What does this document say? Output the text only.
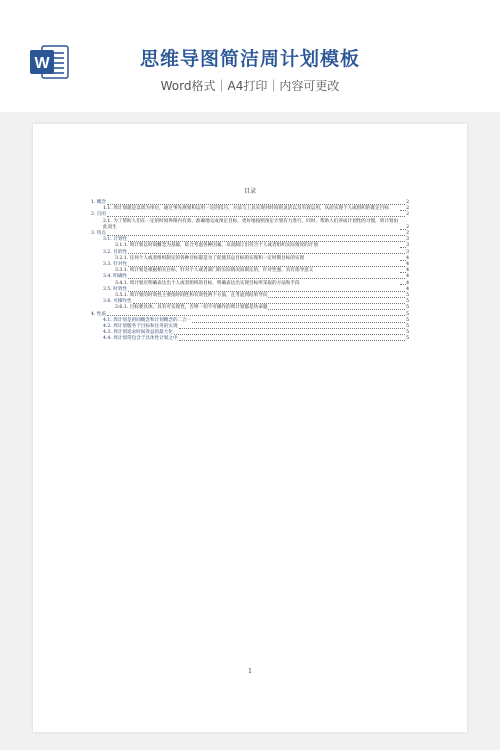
W	思维导图简洁周计划模板
Word格式｜A4打印｜内容可更改
目录
1. 概念	2
1.1. 周计划就是以周为单位，通过事先规划和运用一定的技巧、方法与工具实现对时间的灵活以及有效运用，从而实现个人或组织的既定目标	2
2. 目的	2
2.1. 为了帮助人们在一定的时间界限内有效、准确地完成预定目标，更好地按照预定计划有力进行，同时，帮助人们养成计划性的习惯，周计划由此而生	2
3. 特点	2
3.1. 计划性	3
3.1.1. 周计划以时间概念为基础，综合考虑各种因素，从而制订出符合个人或者组织实际情况的计划	3
3.2. 目的性	3
3.2.1. 任何个人或者组织制定的各种目标都是为了促使其总目标的实现和一定时期目标的实现	4
3.3. 针对性	4
3.3.1. 周计划是根据相关目标，针对个人或者部门的实际情况而制定的，针对性强，具有指导意义	4
3.4. 明确性	4
3.4.1. 周计划应明确表达出个人或者组织的目标，明确表达出实现目标所采取的方法和手段	4
3.5. 时效性	4
3.5.1. 周计划的时效性主要指时间性和有效性两个方面，且考虑到结果导向	5
3.6. 可操作性	5
3.6.1. 目标要具体、具有可实现性，否则一切不可操作的周计划都是伪命题	5
4. 性质	5
4.1. 周计划是时间概念和计划概念的二合一	5
4.2. 周计划服务于目标和任务的实现	5
4.3. 周计划追求时间效益的最大化	5
4.4. 周计划常包含于具体性计划之中	5
1
